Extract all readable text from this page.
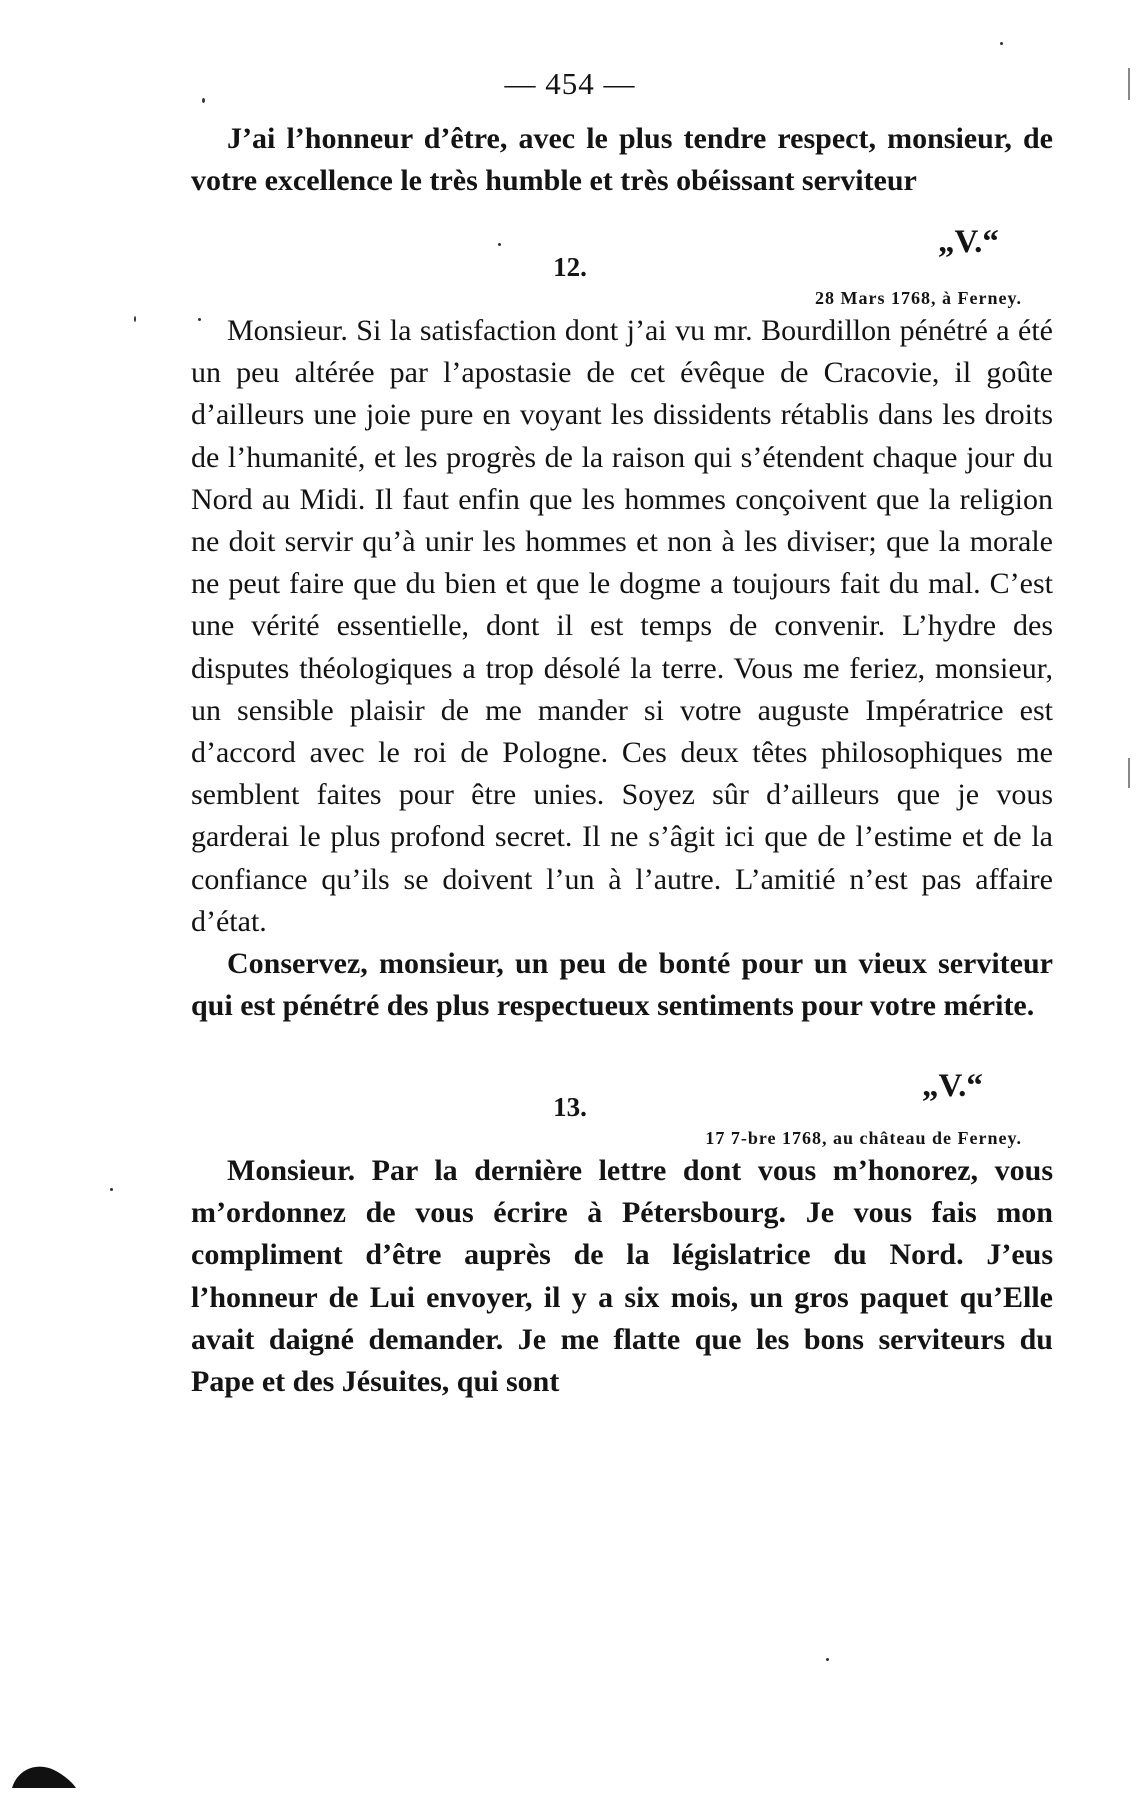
— 454 —

J’ai l’honneur d’être, avec le plus tendre respect, monsieur, de votre excellence le très humble et très obéissant serviteur

„V.“
12.
28 Mars 1768, à Ferney.

Monsieur. Si la satisfaction dont j’ai vu mr. Bourdillon pénétré a été un peu altérée par l’apostasie de cet évêque de Cracovie, il goûte d’ailleurs une joie pure en voyant les dissidents rétablis dans les droits de l’humanité, et les progrès de la raison qui s’étendent chaque jour du Nord au Midi. Il faut enfin que les hommes conçoivent que la religion ne doit servir qu’à unir les hommes et non à les diviser; que la morale ne peut faire que du bien et que le dogme a toujours fait du mal. C’est une vérité essentielle, dont il est temps de convenir. L’hydre des disputes théologiques a trop désolé la terre. Vous me feriez, monsieur, un sensible plaisir de me mander si votre auguste Impératrice est d’accord avec le roi de Pologne. Ces deux têtes philosophiques me semblent faites pour être unies. Soyez sûr d’ailleurs que je vous garderai le plus profond secret. Il ne s’âgit ici que de l’estime et de la confiance qu’ils se doivent l’un à l’autre. L’amitié n’est pas affaire d’état.

Conservez, monsieur, un peu de bonté pour un vieux serviteur qui est pénétré des plus respectueux sentiments pour votre mérite.

„V.“
13.
17 7-bre 1768, au château de Ferney.

Monsieur. Par la dernière lettre dont vous m’honorez, vous m’ordonnez de vous écrire à Pétersbourg. Je vous fais mon compliment d’être auprès de la législatrice du Nord. J’eus l’honneur de Lui envoyer, il y a six mois, un gros paquet qu’Elle avait daigné demander. Je me flatte que les bons serviteurs du Pape et des Jésuites, qui sont
